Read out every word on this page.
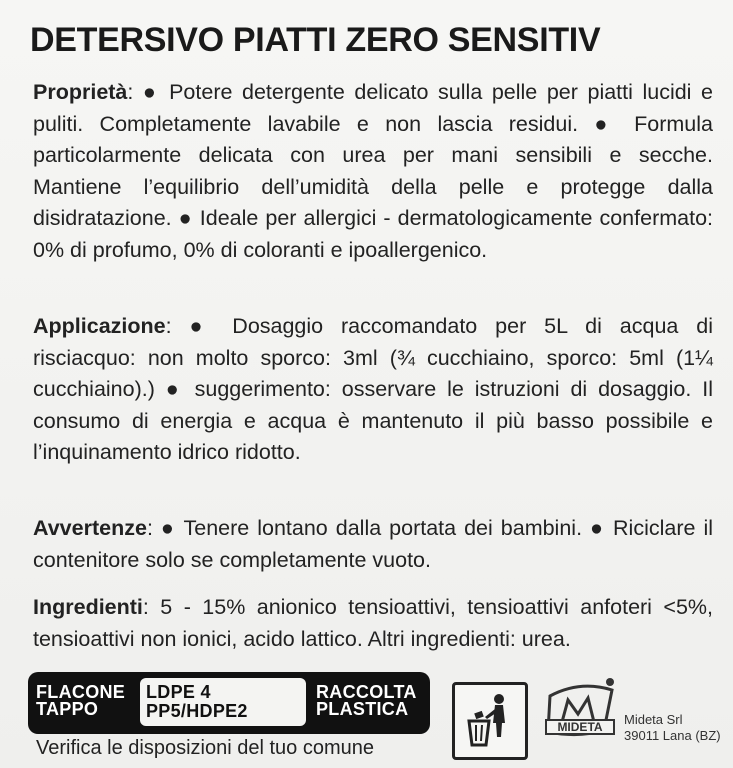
DETERSIVO PIATTI ZERO SENSITIV
Proprietà: ● Potere detergente delicato sulla pelle per piatti lucidi e puliti. Completamente lavabile e non lascia residui. ● Formula particolarmente delicata con urea per mani sensibili e secche. Mantiene l’equilibrio dell’umidità della pelle e protegge dalla disidratazione. ● Ideale per allergici - dermatologicamente confermato: 0% di profumo, 0% di coloranti e ipoallergenico.
Applicazione: ● Dosaggio raccomandato per 5L di acqua di risciacquo: non molto sporco: 3ml (¾ cucchiaino, sporco: 5ml (1¼ cucchiaino).) ● suggerimento: osservare le istruzioni di dosaggio. Il consumo di energia e acqua è mantenuto il più basso possibile e l’inquinamento idrico ridotto.
Avvertenze: ● Tenere lontano dalla portata dei bambini. ● Riciclare il contenitore solo se completamente vuoto.
Ingredienti: 5 - 15% anionico tensioattivi, tensioattivi anfoteri <5%, tensioattivi non ionici, acido lattico. Altri ingredienti: urea.
FLACONE
TAPPO
LDPE 4
PP5/HDPE2
RACCOLTA
PLASTICA
Verifica le disposizioni del tuo comune
MIDETA Mideta Srl
39011 Lana (BZ)
